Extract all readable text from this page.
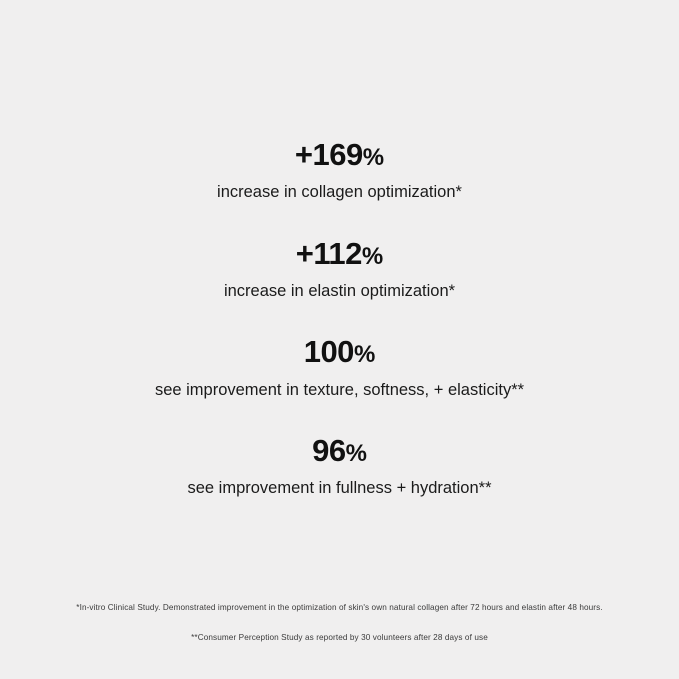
+169%
increase in collagen optimization*
+112%
increase in elastin optimization*
100%
see improvement in texture, softness, + elasticity**
96%
see improvement in fullness + hydration**

*In-vitro Clinical Study. Demonstrated improvement in the optimization of skin's own natural collagen after 72 hours and elastin after 48 hours.

**Consumer Perception Study as reported by 30 volunteers after 28 days of use
